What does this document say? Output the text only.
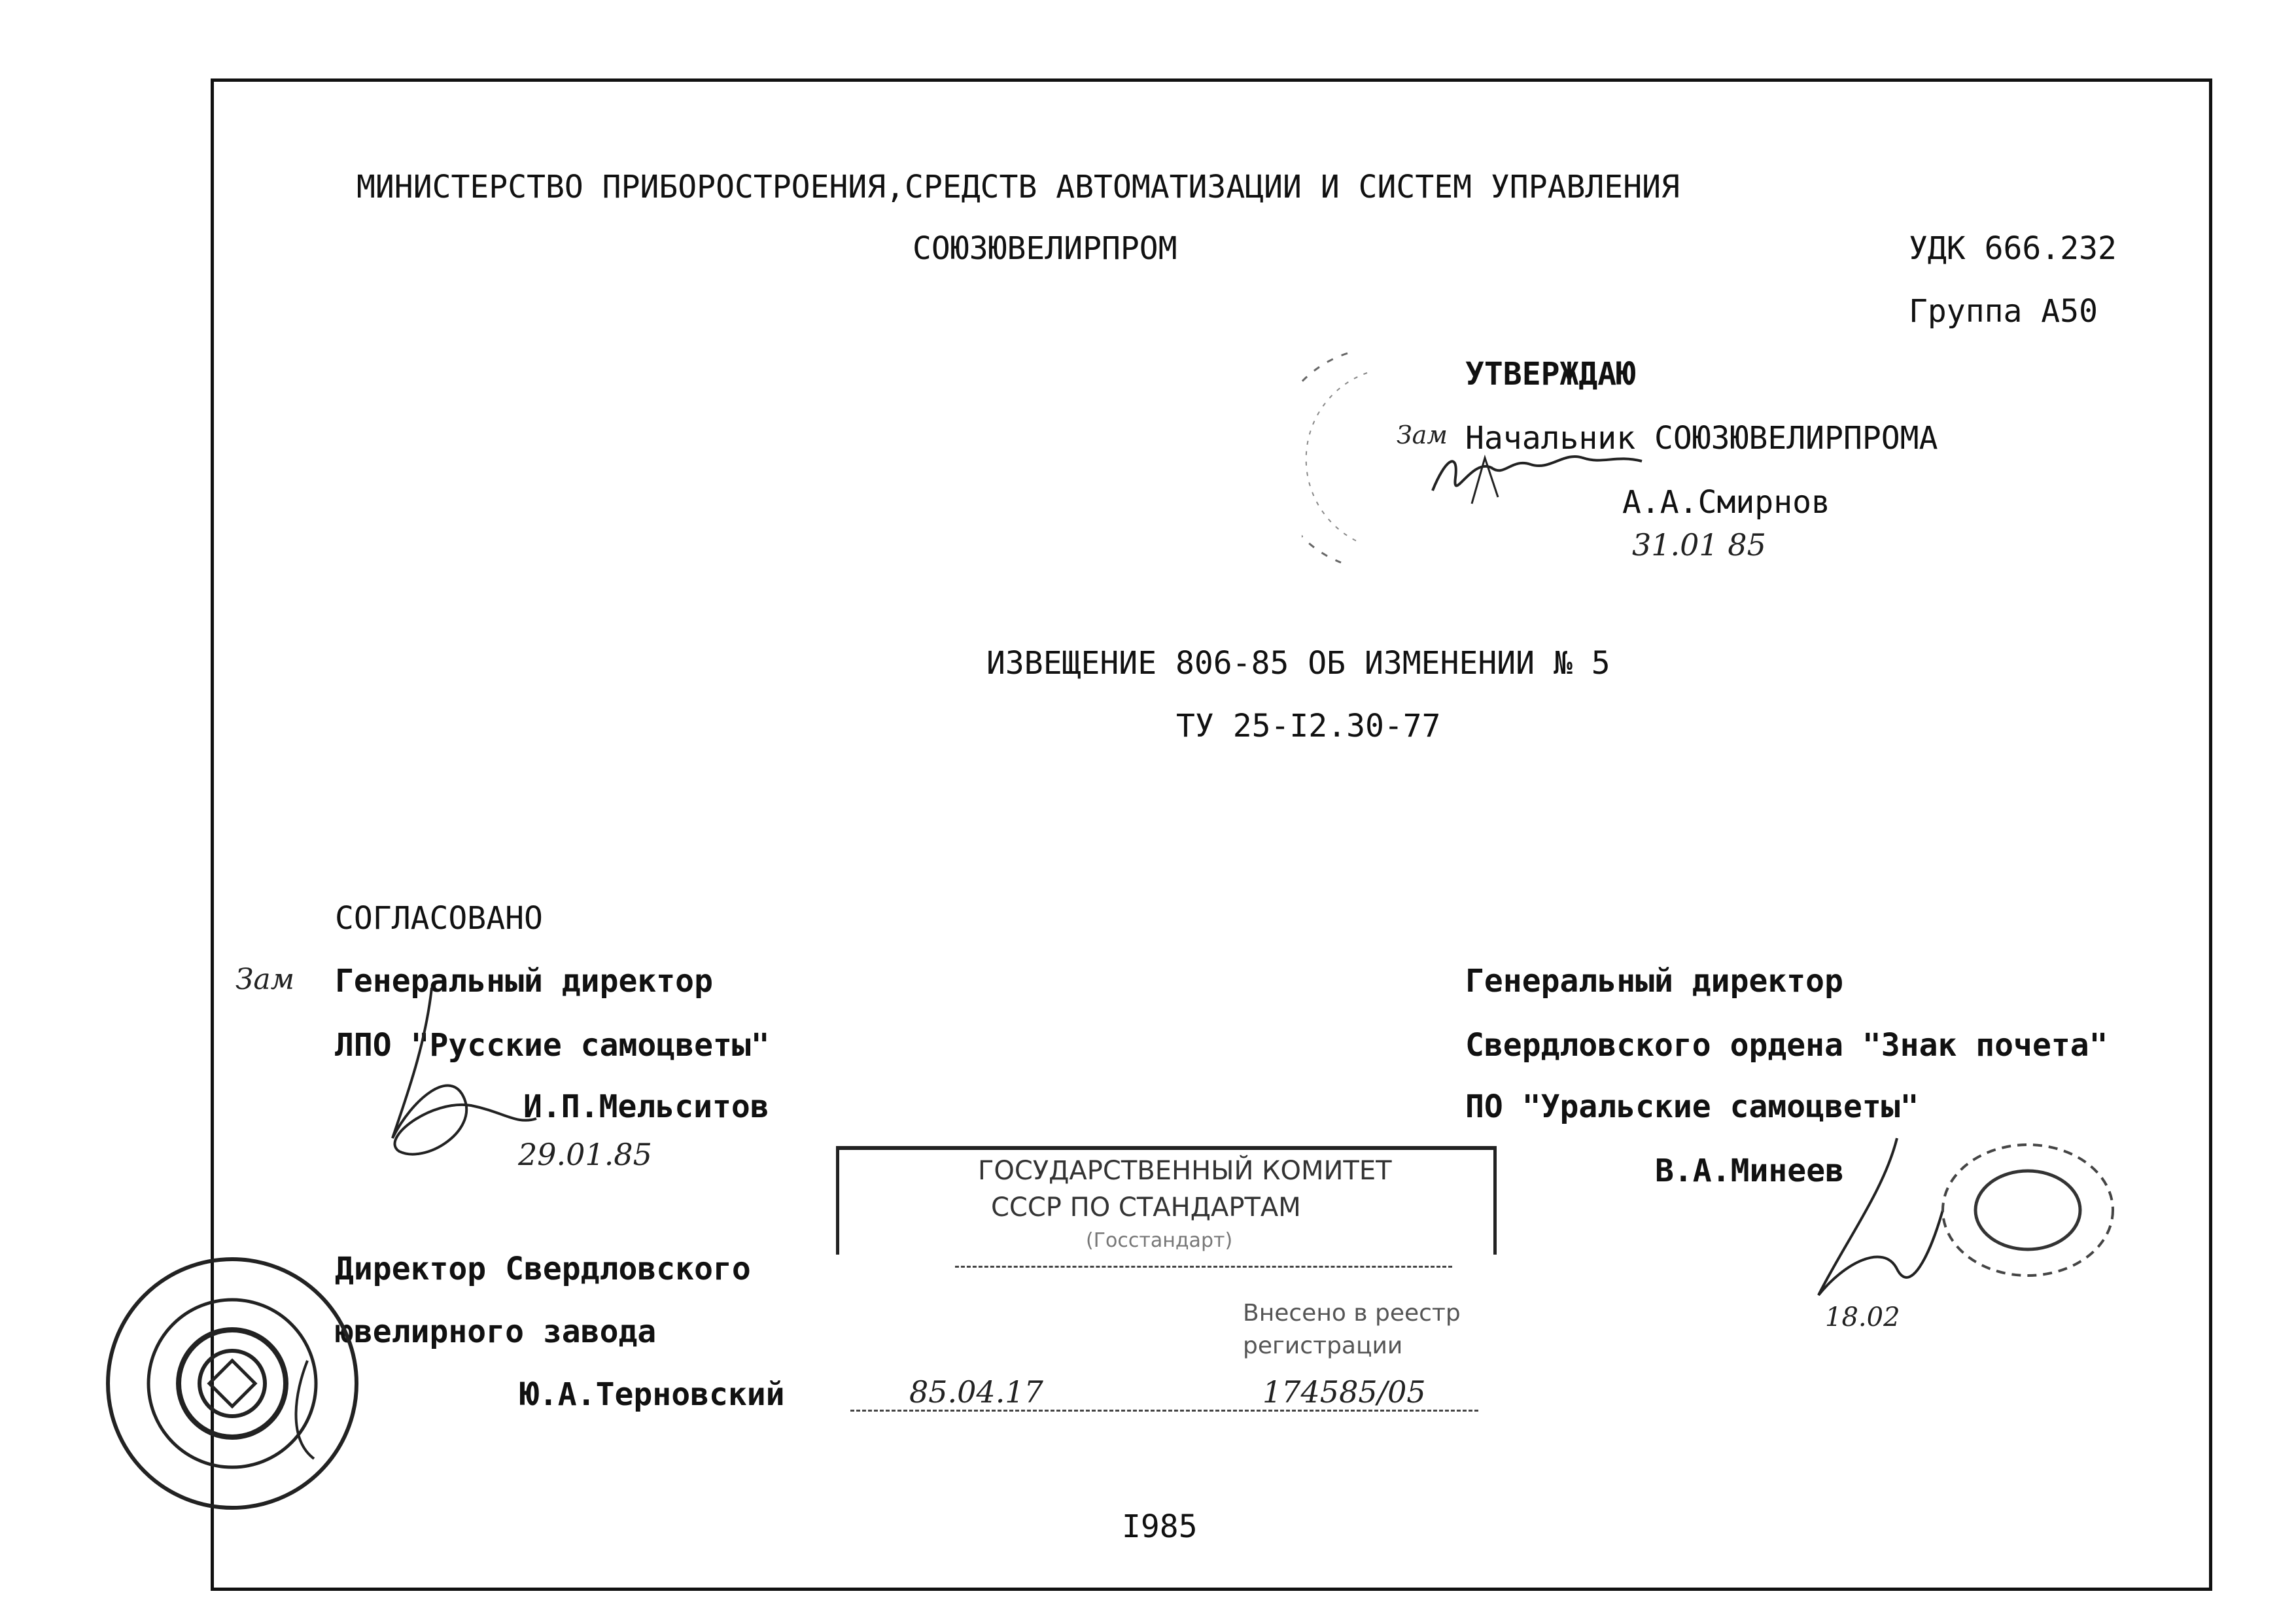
МИНИСТЕРСТВО ПРИБОРОСТРОЕНИЯ,СРЕДСТВ АВТОМАТИЗАЦИИ И СИСТЕМ УПРАВЛЕНИЯ
СОЮЗЮВЕЛИРПРОМ	УДК 666.232
Группа А50
УТВЕРЖДАЮ
Зам Начальник СОЮЗЮВЕЛИРПРОМА
А.А.Смирнов
31.01 85
ИЗВЕЩЕНИЕ 806-85 ОБ ИЗМЕНЕНИИ № 5
ТУ 25-I2.30-77
СОГЛАСОВАНО
Зам Генеральный директор
ЛПО "Русские самоцветы"
И.П.Мельситов
29.01.85
Директор Свердловского
ювелирного завода
Ю.А.Терновский
Генеральный директор
Свердловского ордена "Знак почета"
ПО "Уральские самоцветы"
В.А.Минеев
18.02
ГОСУДАРСТВЕННЫЙ КОМИТЕТ
СССР ПО СТАНДАРТАМ
(Госстандарт)
Внесено в реестр
регистрации
85.04.17	174585/05
I985
